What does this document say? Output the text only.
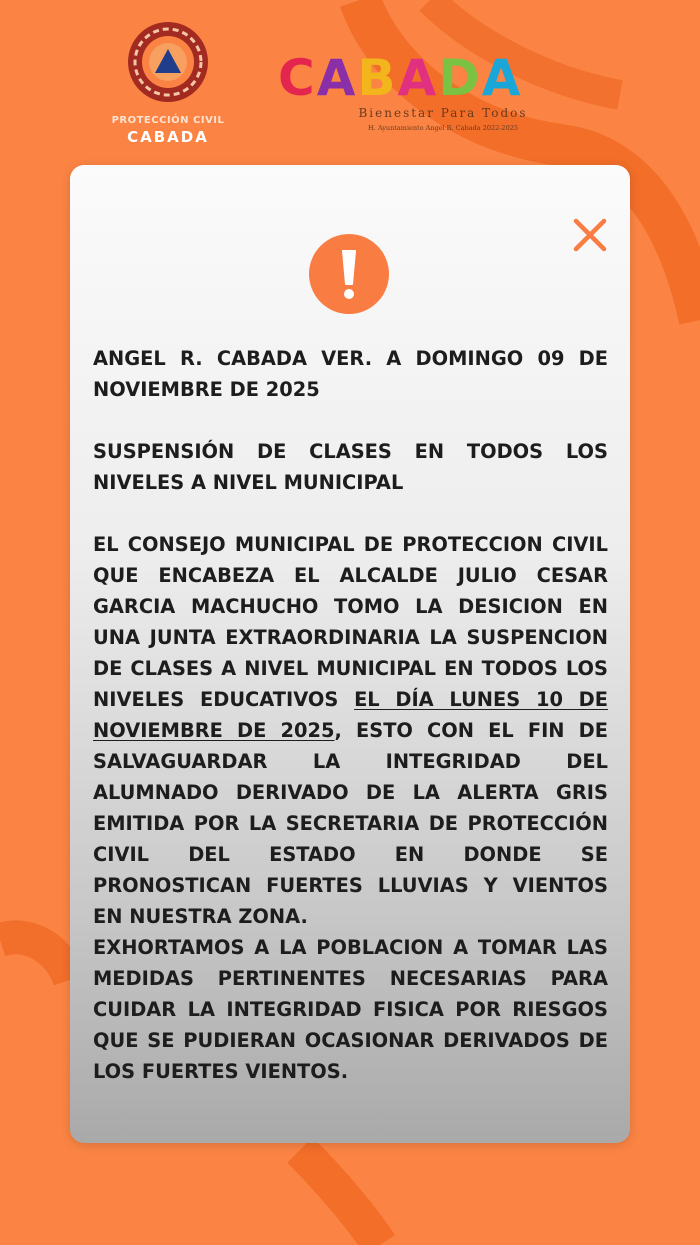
PROTECCIÓN CIVIL
CABADA
C A B A D A
Bienestar Para Todos
H. Ayuntamiento Angel R. Cabada 2022-2025

ANGEL R. CABADA VER. A DOMINGO 09 DE NOVIEMBRE DE 2025

SUSPENSIÓN DE CLASES EN TODOS LOS NIVELES A NIVEL MUNICIPAL

EL CONSEJO MUNICIPAL DE PROTECCION CIVIL QUE ENCABEZA EL ALCALDE JULIO CESAR GARCIA MACHUCHO TOMO LA DESICION EN UNA JUNTA EXTRAORDINARIA LA SUSPENCION DE CLASES A NIVEL MUNICIPAL EN TODOS LOS NIVELES EDUCATIVOS EL DÍA LUNES 10 DE NOVIEMBRE DE 2025, ESTO CON EL FIN DE SALVAGUARDAR LA INTEGRIDAD DEL ALUMNADO DERIVADO DE LA ALERTA GRIS EMITIDA POR LA SECRETARIA DE PROTECCIÓN CIVIL DEL ESTADO EN DONDE SE PRONOSTICAN FUERTES LLUVIAS Y VIENTOS EN NUESTRA ZONA.

EXHORTAMOS A LA POBLACION A TOMAR LAS MEDIDAS PERTINENTES NECESARIAS PARA CUIDAR LA INTEGRIDAD FISICA POR RIESGOS QUE SE PUDIERAN OCASIONAR DERIVADOS DE LOS FUERTES VIENTOS.
